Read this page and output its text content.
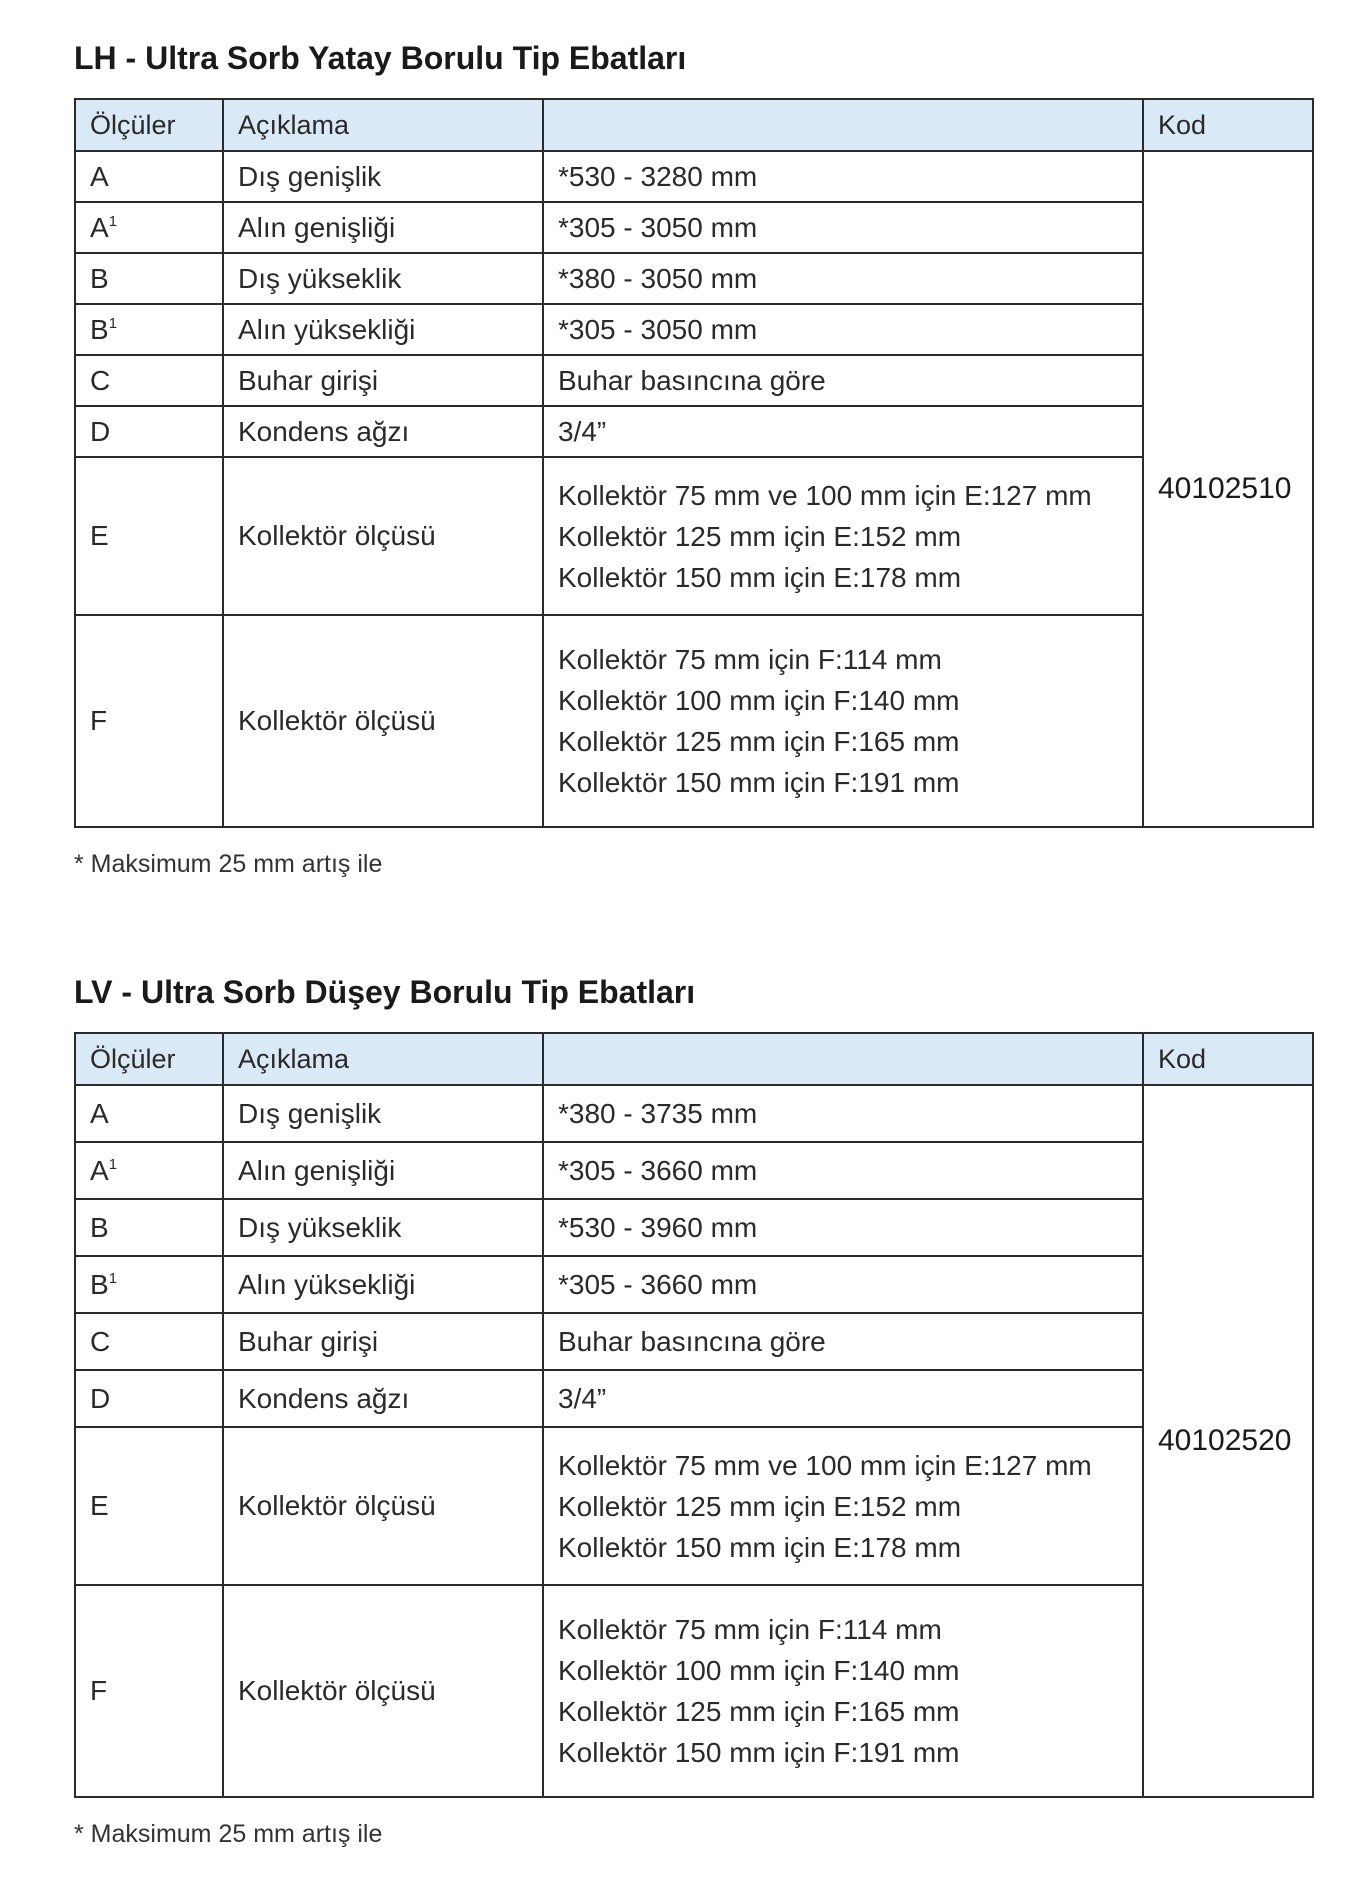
LH - Ultra Sorb Yatay Borulu Tip Ebatları
Ölçüler	Açıklama		Kod
A	Dış genişlik	*530 - 3280 mm	40102510
$A^1$	Alın genişliği	*305 - 3050 mm	
B	Dış yükseklik	*380 - 3050 mm	
$B^1$	Alın yüksekliği	*305 - 3050 mm	
C	Buhar girişi	Buhar basıncına göre	
D	Kondens ağzı	3/4”	
E	Kollektör ölçüsü	Kollektör 75 mm ve 100 mm için E:127 mm
Kollektör 125 mm için E:152 mm
Kollektör 150 mm için E:178 mm	

F	Kollektör ölçüsü	Kollektör 75 mm için F:114 mm
Kollektör 100 mm için F:140 mm
Kollektör 125 mm için F:165 mm
Kollektör 150 mm için F:191 mm	
* Maksimum 25 mm artış ile
LV - Ultra Sorb Düşey Borulu Tip Ebatları
Ölçüler	Açıklama		Kod
A	Dış genişlik	*380 - 3735 mm	40102520
$A^1$	Alın genişliği	*305 - 3660 mm	
B	Dış yükseklik	*530 - 3960 mm	
$B^1$	Alın yüksekliği	*305 - 3660 mm	
C	Buhar girişi	Buhar basıncına göre	
D	Kondens ağzı	3/4”	
E	Kollektör ölçüsü	Kollektör 75 mm ve 100 mm için E:127 mm
Kollektör 125 mm için E:152 mm
Kollektör 150 mm için E:178 mm	

F	Kollektör ölçüsü	Kollektör 75 mm için F:114 mm
Kollektör 100 mm için F:140 mm
Kollektör 125 mm için F:165 mm
Kollektör 150 mm için F:191 mm	
* Maksimum 25 mm artış ile
